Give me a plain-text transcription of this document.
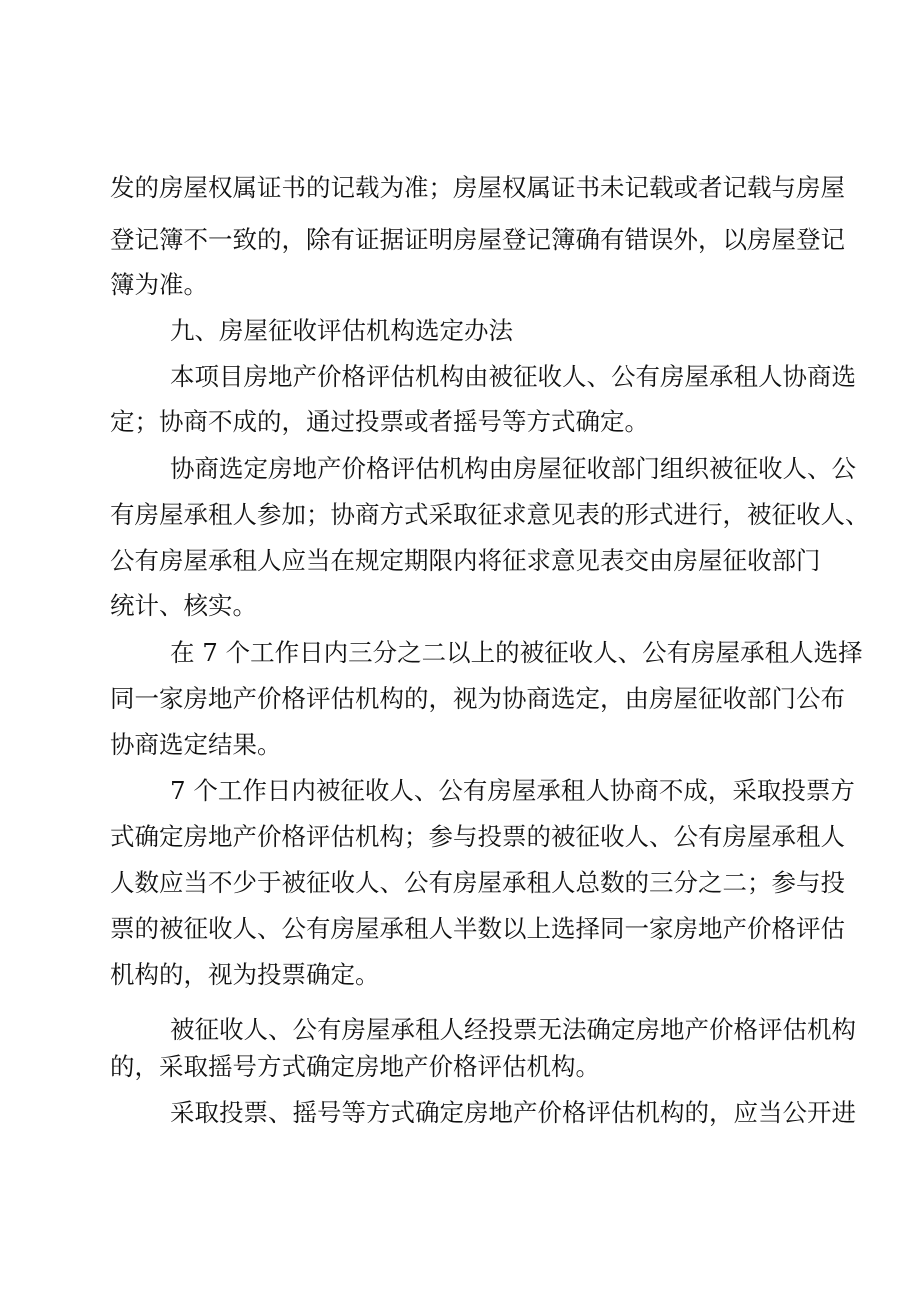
发的房屋权属证书的记载为准；房屋权属证书未记载或者记载与房屋
登记簿不一致的，除有证据证明房屋登记簿确有错误外，以房屋登记
簿为准。
九、房屋征收评估机构选定办法
本项目房地产价格评估机构由被征收人、公有房屋承租人协商选
定；协商不成的，通过投票或者摇号等方式确定。
协商选定房地产价格评估机构由房屋征收部门组织被征收人、公
有房屋承租人参加；协商方式采取征求意见表的形式进行，被征收人、
公有房屋承租人应当在规定期限内将征求意见表交由房屋征收部门
统计、核实。
在 7 个工作日内三分之二以上的被征收人、公有房屋承租人选择
同一家房地产价格评估机构的，视为协商选定，由房屋征收部门公布
协商选定结果。
7 个工作日内被征收人、公有房屋承租人协商不成，采取投票方
式确定房地产价格评估机构；参与投票的被征收人、公有房屋承租人
人数应当不少于被征收人、公有房屋承租人总数的三分之二；参与投
票的被征收人、公有房屋承租人半数以上选择同一家房地产价格评估
机构的，视为投票确定。
被征收人、公有房屋承租人经投票无法确定房地产价格评估机构
的，采取摇号方式确定房地产价格评估机构。
采取投票、摇号等方式确定房地产价格评估机构的，应当公开进
